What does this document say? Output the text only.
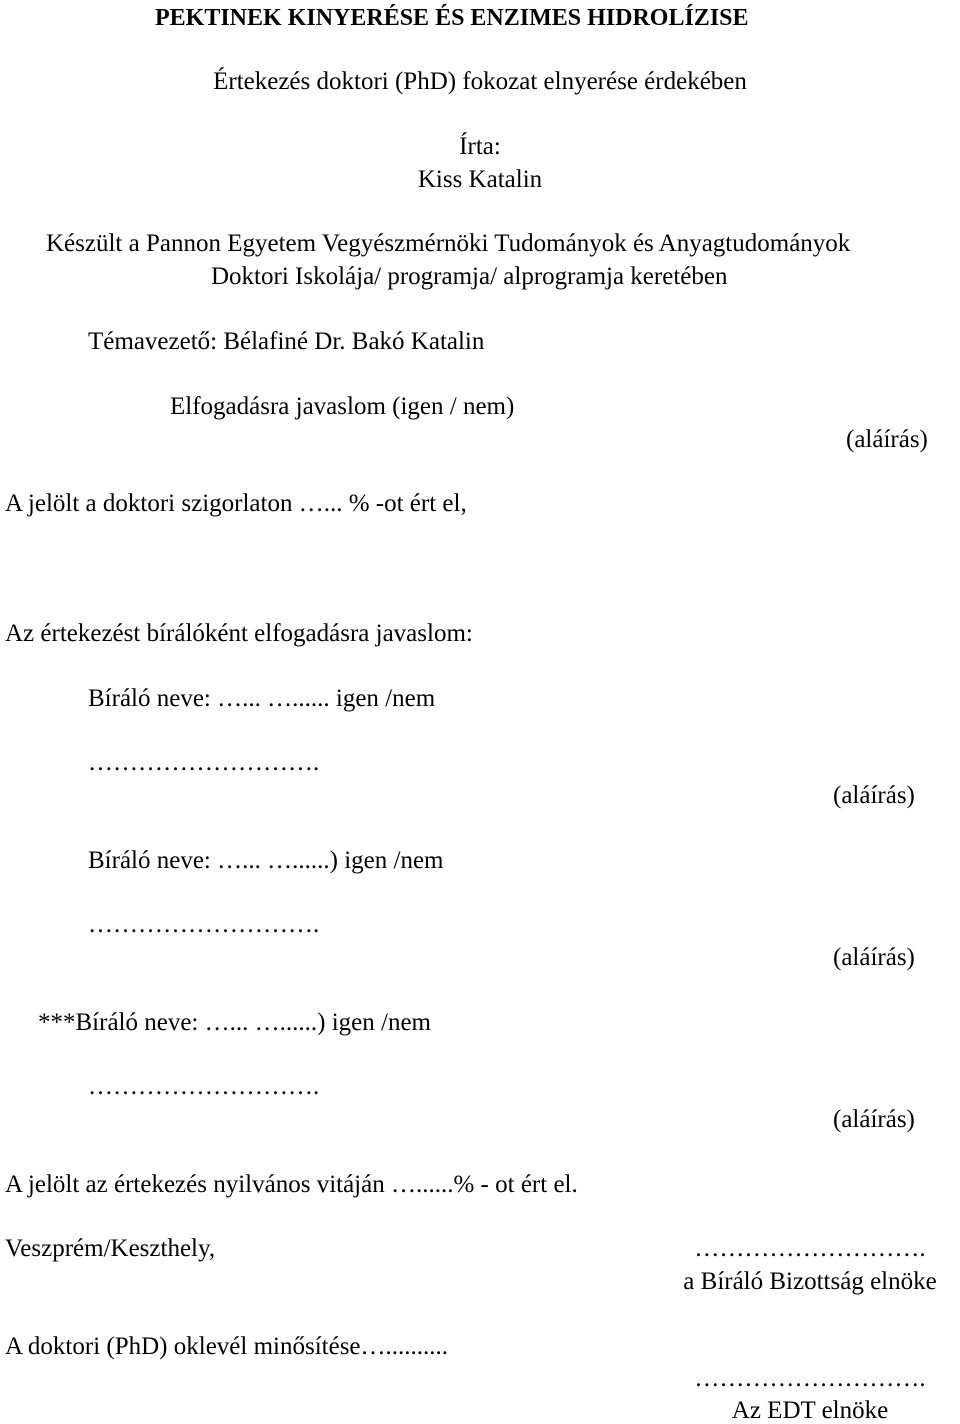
PEKTINEK KINYERÉSE ÉS ENZIMES HIDROLÍZISE
Értekezés doktori (PhD) fokozat elnyerése érdekében
Írta:
Kiss Katalin
Készült a Pannon Egyetem Vegyészmérnöki Tudományok és Anyagtudományok
Doktori Iskolája/ programja/ alprogramja keretében
Témavezető: Bélafiné Dr. Bakó Katalin
Elfogadásra javaslom (igen / nem)
(aláírás)
A jelölt a doktori szigorlaton …... % -ot ért el,
Az értekezést bírálóként elfogadásra javaslom:
Bíráló neve: …... …...... igen /nem
……………………….
(aláírás)
Bíráló neve: …... …......) igen /nem
……………………….
(aláírás)
***Bíráló neve: …... …......) igen /nem
……………………….
(aláírás)
A jelölt az értekezés nyilvános vitáján …......% - ot ért el.
Veszprém/Keszthely,	……………………….
a Bíráló Bizottság elnöke
A doktori (PhD) oklevél minősítése…..........
……………………….
Az EDT elnöke
